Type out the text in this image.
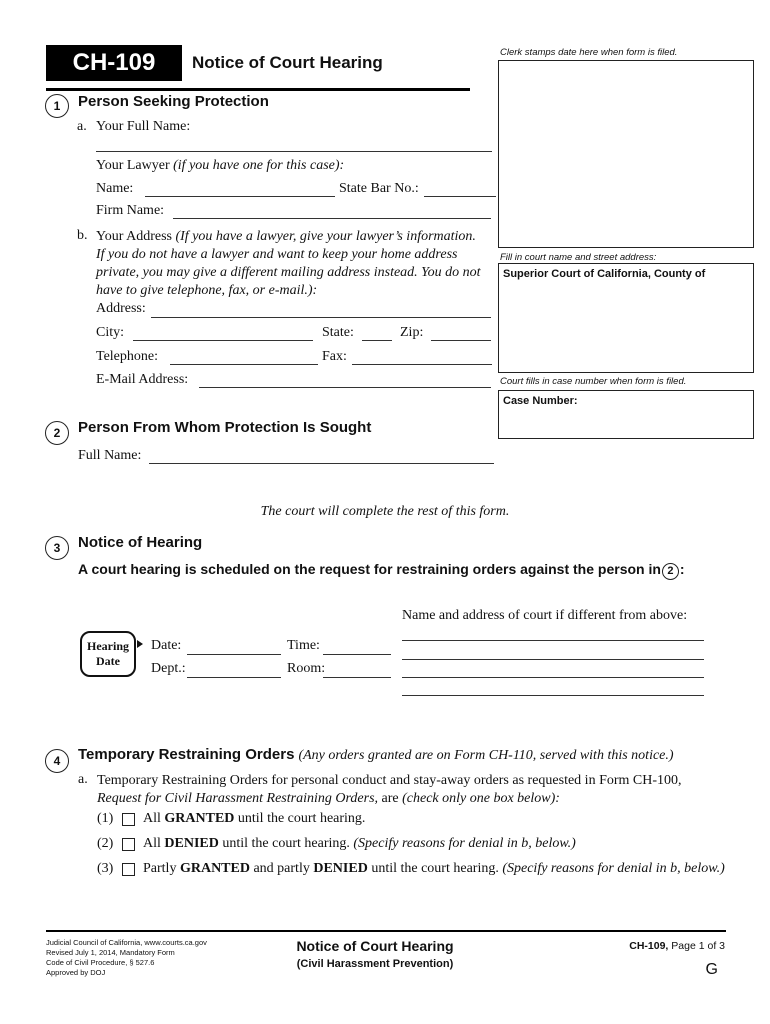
CH-109	Notice of Court Hearing
Clerk stamps date here when form is filed.
Fill in court name and street address:
Superior Court of California, County of
Court fills in case number when form is filed.
Case Number:
1	Person Seeking Protection
a. Your Full Name:
Your Lawyer (if you have one for this case):
Name:	State Bar No.:
Firm Name:
b. Your Address (If you have a lawyer, give your lawyer’s information.
If you do not have a lawyer and want to keep your home address
private, you may give a different mailing address instead. You do not
have to give telephone, fax, or e-mail.):
Address:
City:	State:	Zip:
Telephone:	Fax:
E-Mail Address:
2	Person From Whom Protection Is Sought
Full Name:
The court will complete the rest of this form.
3	Notice of Hearing
A court hearing is scheduled on the request for restraining orders against the person in 2 :
Name and address of court if different from above:
Hearing
Date
Date:	Time:
Dept.:	Room:
4	Temporary Restraining Orders (Any orders granted are on Form CH-110, served with this notice.)
a. Temporary Restraining Orders for personal conduct and stay-away orders as requested in Form CH-100,
Request for Civil Harassment Restraining Orders, are (check only one box below):
(1) All GRANTED until the court hearing.
(2) All DENIED until the court hearing. (Specify reasons for denial in b, below.)
(3) Partly GRANTED and partly DENIED until the court hearing. (Specify reasons for denial in b, below.)
Judicial Council of California, www.courts.ca.gov
Revised July 1, 2014, Mandatory Form
Code of Civil Procedure, § 527.6
Approved by DOJ
Notice of Court Hearing
(Civil Harassment Prevention)
CH-109, Page 1 of 3
G
